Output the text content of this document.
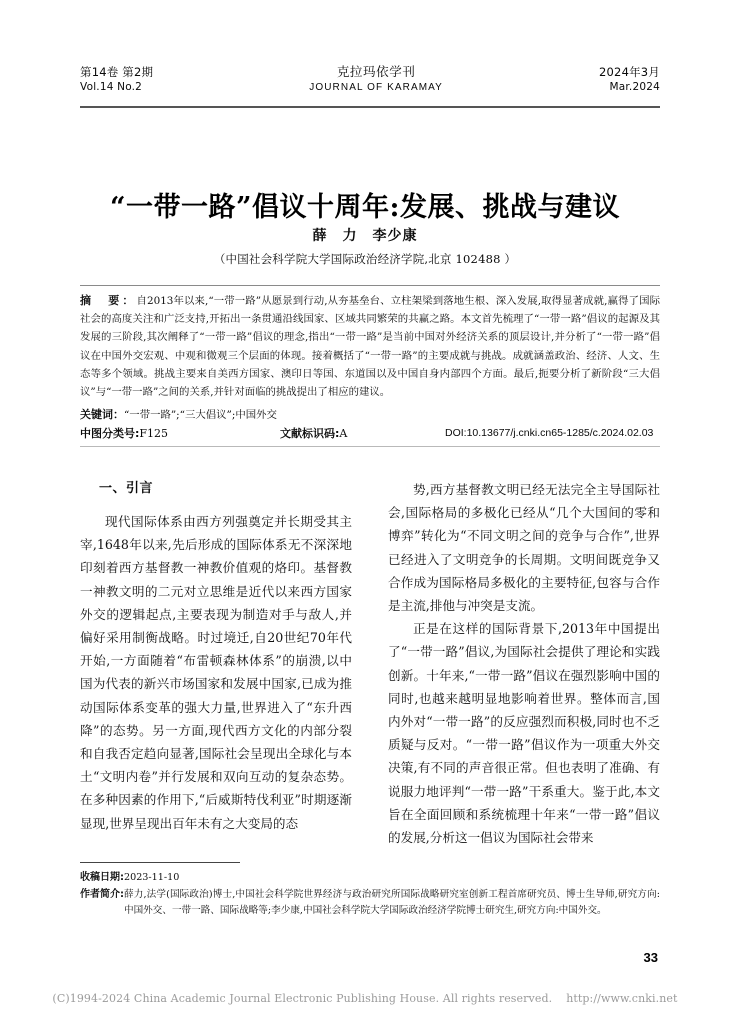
第14卷 第2期
Vol.14 No.2
克拉玛依学刊
JOURNAL OF KARAMAY
2024年3月
Mar.2024
“一带一路”倡议十周年:发展、挑战与建议
薛　力　李少康
（中国社会科学院大学国际政治经济学院,北京 102488 ）
摘　要：自2013年以来,“一带一路”从愿景到行动,从夯基垒台、立柱架梁到落地生根、深入发展,取得显著成就,赢得了国际社会的高度关注和广泛支持,开拓出一条贯通沿线国家、区域共同繁荣的共赢之路。本文首先梳理了“一带一路”倡议的起源及其发展的三阶段,其次阐释了“一带一路”倡议的理念,指出“一带一路”是当前中国对外经济关系的顶层设计,并分析了“一带一路”倡议在中国外交宏观、中观和微观三个层面的体现。接着概括了“一带一路”的主要成就与挑战。成就涵盖政治、经济、人文、生态等多个领域。挑战主要来自美西方国家、澳印日等国、东道国以及中国自身内部四个方面。最后,扼要分析了新阶段“三大倡议”与“一带一路”之间的关系,并针对面临的挑战提出了相应的建议。
关键词：“一带一路”;“三大倡议”;中国外交
中图分类号:F125	文献标识码:A	DOI:10.13677/j.cnki.cn65-1285/c.2024.02.03
一、引言

现代国际体系由西方列强奠定并长期受其主宰,1648年以来,先后形成的国际体系无不深深地印刻着西方基督教一神教价值观的烙印。基督教一神教文明的二元对立思维是近代以来西方国家外交的逻辑起点,主要表现为制造对手与敌人,并偏好采用制衡战略。时过境迁,自20世纪70年代开始,一方面随着“布雷顿森林体系”的崩溃,以中国为代表的新兴市场国家和发展中国家,已成为推动国际体系变革的强大力量,世界进入了“东升西降”的态势。另一方面,现代西方文化的内部分裂和自我否定趋向显著,国际社会呈现出全球化与本土“文明内卷”并行发展和双向互动的复杂态势。在多种因素的作用下,“后威斯特伐利亚”时期逐渐显现,世界呈现出百年未有之大变局的态

势,西方基督教文明已经无法完全主导国际社会,国际格局的多极化已经从“几个大国间的零和博弈”转化为“不同文明之间的竞争与合作”,世界已经进入了文明竞争的长周期。文明间既竞争又合作成为国际格局多极化的主要特征,包容与合作是主流,排他与冲突是支流。

正是在这样的国际背景下,2013年中国提出了“一带一路”倡议,为国际社会提供了理论和实践创新。十年来,“一带一路”倡议在强烈影响中国的同时,也越来越明显地影响着世界。整体而言,国内外对“一带一路”的反应强烈而积极,同时也不乏质疑与反对。“一带一路”倡议作为一项重大外交决策,有不同的声音很正常。但也表明了准确、有说服力地评判“一带一路”干系重大。鉴于此,本文旨在全面回顾和系统梳理十年来“一带一路”倡议的发展,分析这一倡议为国际社会带来

收稿日期: 2023-11-10
作者简介: 薛力,法学(国际政治)博士,中国社会科学院世界经济与政治研究所国际战略研究室创新工程首席研究员、博士生导师,研究方向:中国外交、一带一路、国际战略等;李少康,中国社会科学院大学国际政治经济学院博士研究生,研究方向:中国外交。
33
(C)1994-2024 China Academic Journal Electronic Publishing House. All rights reserved. http://www.cnki.net
